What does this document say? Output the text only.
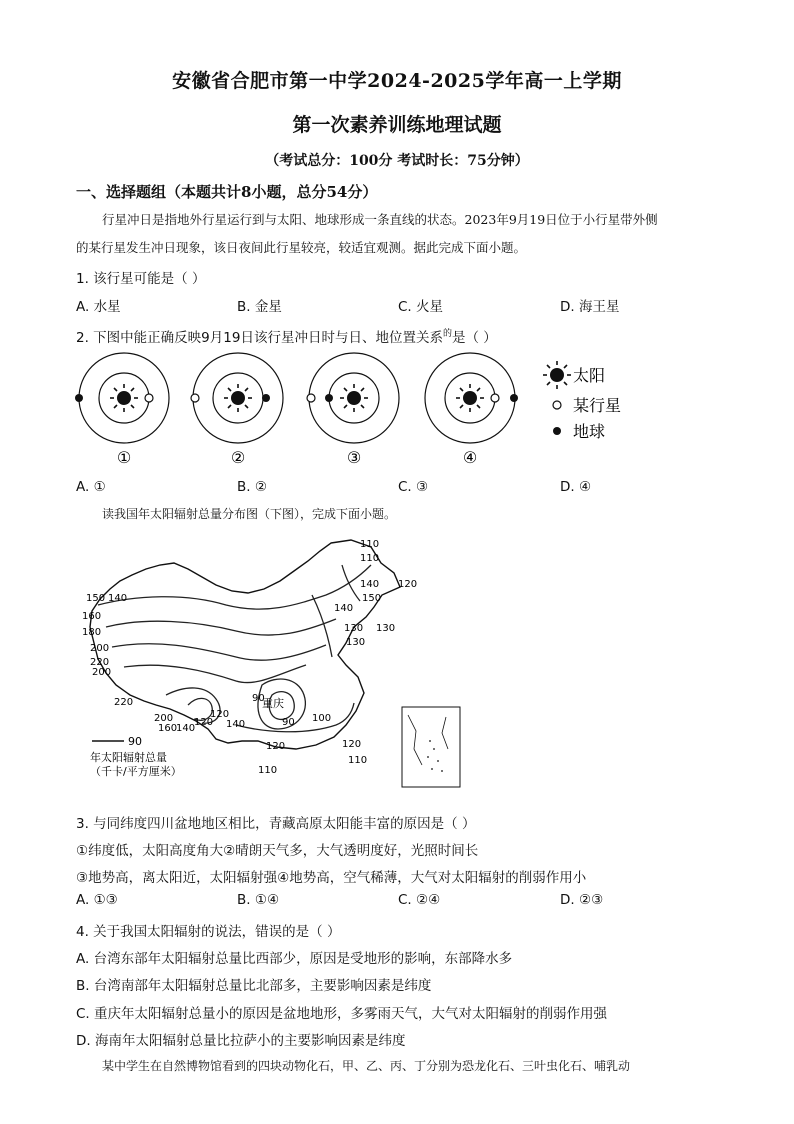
安徽省合肥市第一中学2024-2025学年高一上学期
第一次素养训练地理试题
（考试总分：100分 考试时长：75分钟）
一、选择题组（本题共计8小题，总分54分）
行星冲日是指地外行星运行到与太阳、地球形成一条直线的状态。2023年9月19日位于小行星带外侧
的某行星发生冲日现象，该日夜间此行星较亮，较适宜观测。据此完成下面小题。
1. 该行星可能是（ ）
A. 水星	B. 金星	C. 火星	D. 海王星
2. 下图中能正确反映9月19日该行星冲日时与日、地位置关系$^的$是（ ）
①	②	③	④
太阳
某行星
地球
A. ①	B. ②	C. ③	D. ④
读我国年太阳辐射总量分布图（下图），完成下面小题。
90
年太阳辐射总量
（千卡/平方厘米）
重庆
110
110
120
140
130
130
150 140
160
180
200
220
200
220
200
160
140
120
90
90 100
120	120
110
140
120
110
140
150
130
3. 与同纬度四川盆地地区相比，青藏高原太阳能丰富的原因是（ ）
①纬度低，太阳高度角大②晴朗天气多，大气透明度好，光照时间长
③地势高，离太阳近，太阳辐射强④地势高，空气稀薄，大气对太阳辐射的削弱作用小
A. ①③	B. ①④	C. ②④	D. ②③
4. 关于我国太阳辐射的说法，错误的是（ ）
A. 台湾东部年太阳辐射总量比西部少，原因是受地形的影响，东部降水多
B. 台湾南部年太阳辐射总量比北部多，主要影响因素是纬度
C. 重庆年太阳辐射总量小的原因是盆地地形，多雾雨天气，大气对太阳辐射的削弱作用强
D. 海南年太阳辐射总量比拉萨小的主要影响因素是纬度
某中学生在自然博物馆看到的四块动物化石，甲、乙、丙、丁分别为恐龙化石、三叶虫化石、哺乳动
